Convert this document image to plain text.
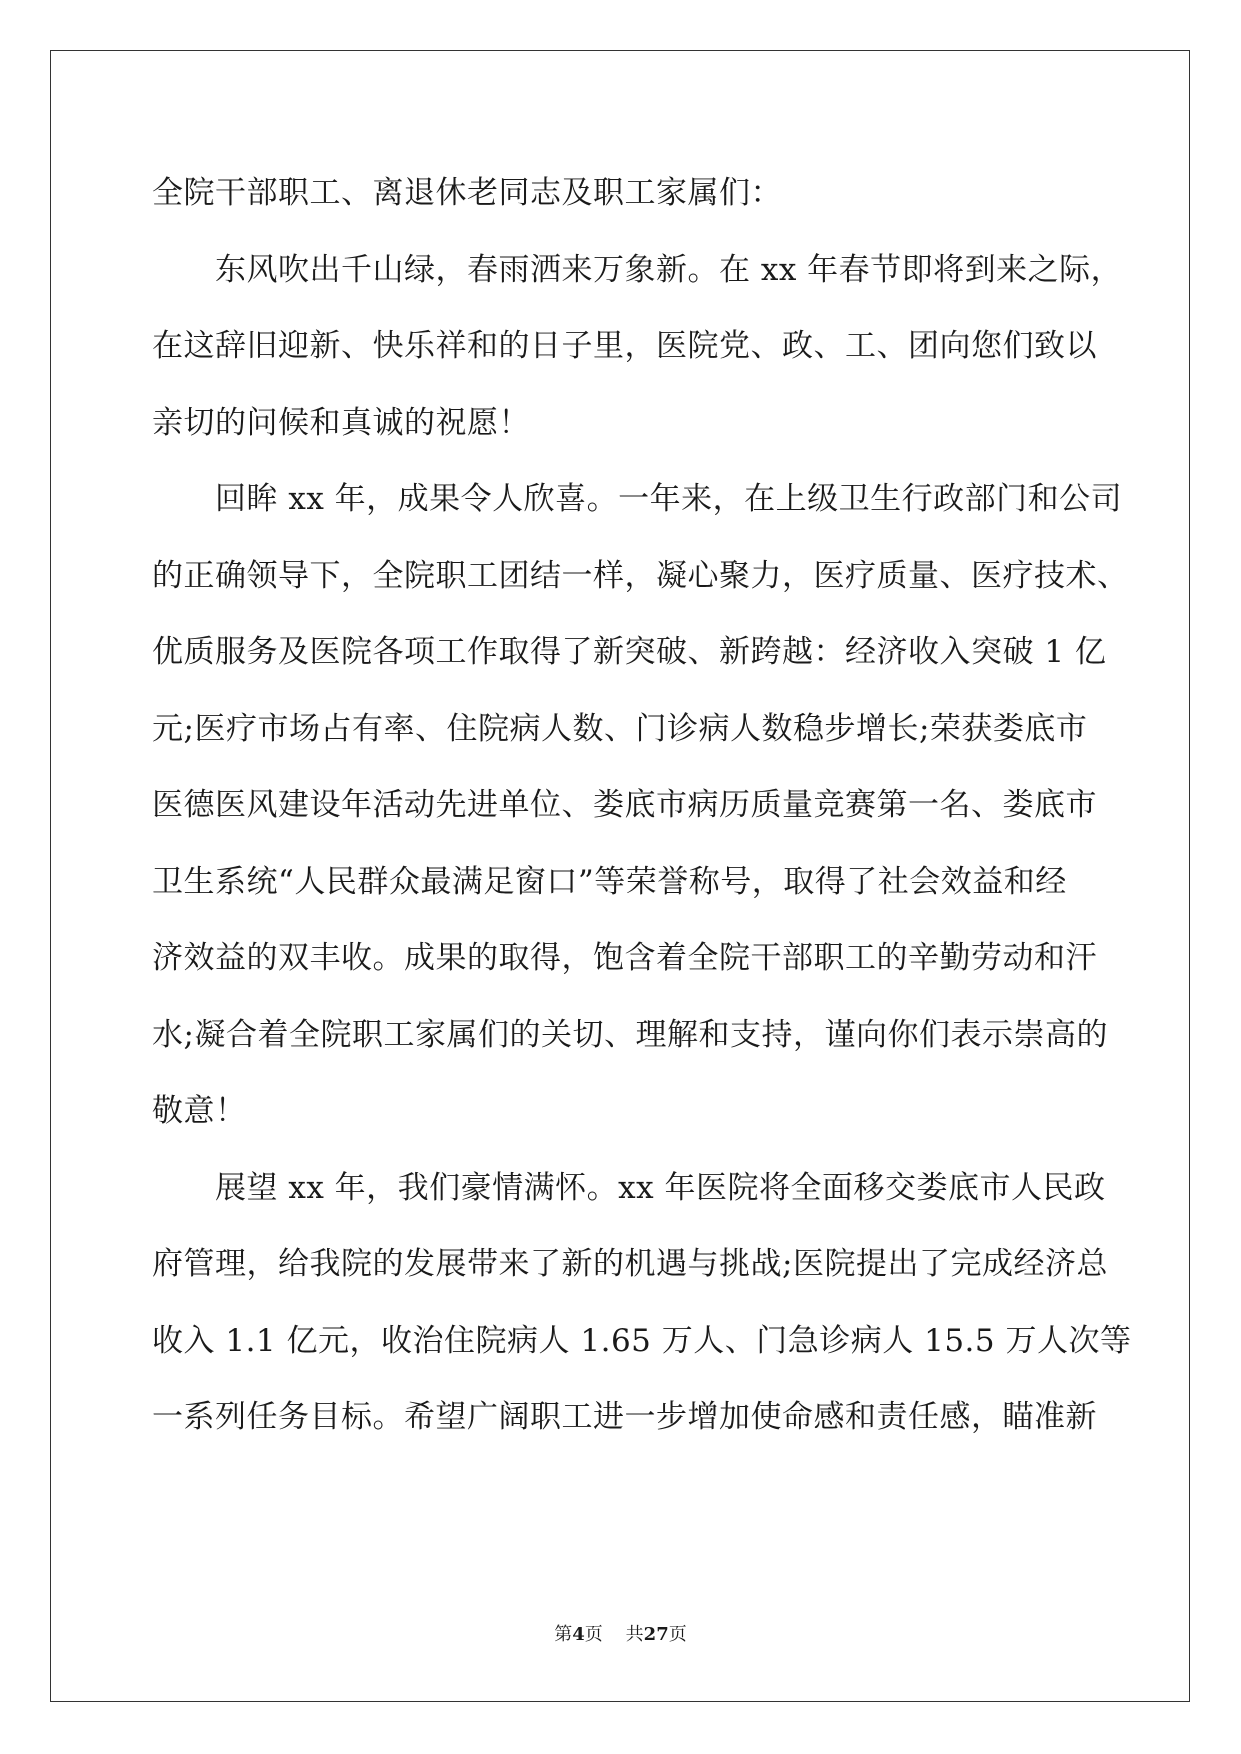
全院干部职工、离退休老同志及职工家属们：
东风吹出千山绿，春雨洒来万象新。在 xx 年春节即将到来之际，
在这辞旧迎新、快乐祥和的日子里，医院党、政、工、团向您们致以
亲切的问候和真诚的祝愿！
回眸 xx 年，成果令人欣喜。一年来，在上级卫生行政部门和公司
的正确领导下，全院职工团结一样，凝心聚力，医疗质量、医疗技术、
优质服务及医院各项工作取得了新突破、新跨越：经济收入突破 1 亿
元;医疗市场占有率、住院病人数、门诊病人数稳步增长;荣获娄底市
医德医风建设年活动先进单位、娄底市病历质量竞赛第一名、娄底市
卫生系统“人民群众最满足窗口”等荣誉称号，取得了社会效益和经
济效益的双丰收。成果的取得，饱含着全院干部职工的辛勤劳动和汗
水;凝合着全院职工家属们的关切、理解和支持，谨向你们表示崇高的
敬意！
展望 xx 年，我们豪情满怀。xx 年医院将全面移交娄底市人民政
府管理，给我院的发展带来了新的机遇与挑战;医院提出了完成经济总
收入 1.1 亿元，收治住院病人 1.65 万人、门急诊病人 15.5 万人次等
一系列任务目标。希望广阔职工进一步增加使命感和责任感，瞄准新
第4页 共27页
